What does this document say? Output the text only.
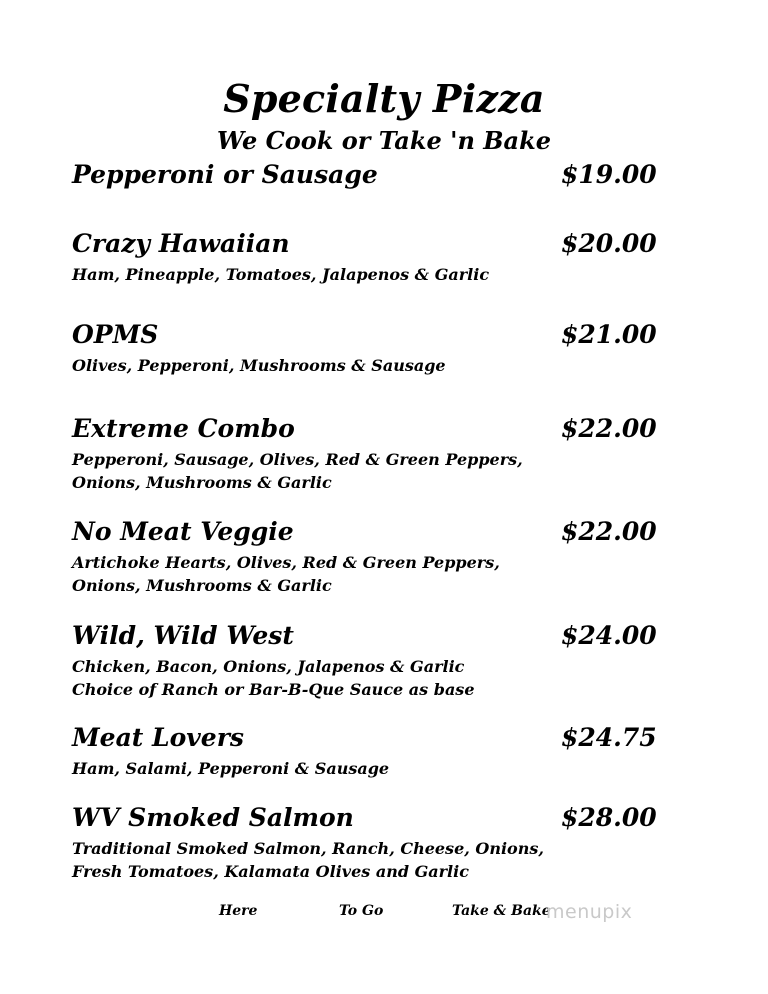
Specialty Pizza
We Cook or Take 'n Bake
Pepperoni or Sausage	$19.00
Crazy Hawaiian	$20.00
Ham, Pineapple, Tomatoes, Jalapenos & Garlic
OPMS	$21.00
Olives, Pepperoni, Mushrooms & Sausage
Extreme Combo	$22.00
Pepperoni, Sausage, Olives, Red & Green Peppers,
Onions, Mushrooms & Garlic
No Meat Veggie	$22.00
Artichoke Hearts, Olives, Red & Green Peppers,
Onions, Mushrooms & Garlic
Wild, Wild West	$24.00
Chicken, Bacon, Onions, Jalapenos & Garlic
Choice of Ranch or Bar-B-Que Sauce as base
Meat Lovers	$24.75
Ham, Salami, Pepperoni & Sausage
WV Smoked Salmon	$28.00
Traditional Smoked Salmon, Ranch, Cheese, Onions,
Fresh Tomatoes, Kalamata Olives and Garlic
Here	To Go	Take & Bake
menupix
